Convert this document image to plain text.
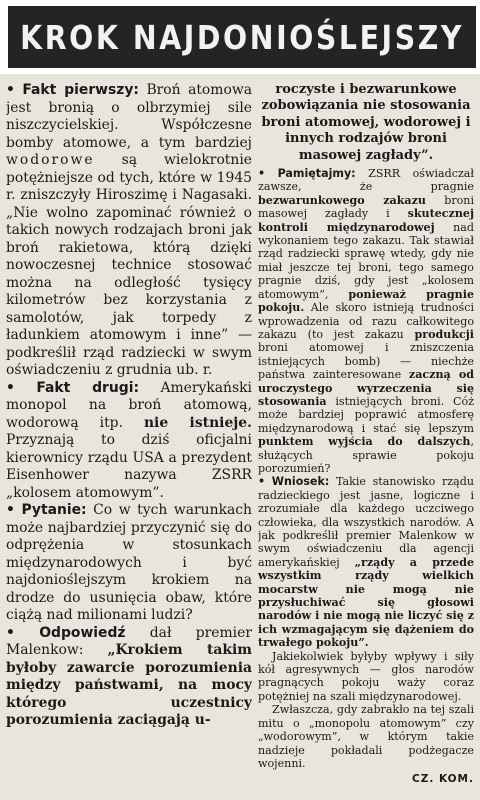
KROK NAJDONIOŚLEJSZY

• Fakt pierwszy: Broń atomowa jest bronią o olbrzymiej sile niszczycielskiej. Współczesne bomby atomowe, a tym bardziej wodorowe są wielokrotnie potężniejsze od tych, które w 1945 r. zniszczyły Hiroszimę i Nagasaki. „Nie wolno zapominać również o takich nowych rodzajach broni jak broń rakietowa, którą dzięki nowoczesnej technice stosować można na odległość tysięcy kilometrów bez korzystania z samolotów, jak torpedy z ładunkiem atomowym i inne” — podkreślił rząd radziecki w swym oświadczeniu z grudnia ub. r.

• Fakt drugi: Amerykański monopol na broń atomową, wodorową itp. nie istnieje. Przyznają to dziś oficjalni kierownicy rządu USA a prezydent Eisenhower nazywa ZSRR „kolosem atomowym”.

• Pytanie: Co w tych warunkach może najbardziej przyczynić się do odprężenia w stosunkach międzynarodowych i być najdonioślejszym krokiem na drodze do usunięcia obaw, które ciążą nad milionami ludzi?

• Odpowiedź dał premier Malenkow: „Krokiem takim byłoby zawarcie porozumienia między państwami, na mocy którego uczestnicy porozumienia zaciągają u-

roczyste i bezwarunkowe zobowiązania nie stosowania broni atomowej, wodorowej i innych rodzajów broni masowej zagłady”.

• Pamiętajmy: ZSRR oświadczał zawsze, że pragnie bezwarunkowego zakazu broni masowej zagłady i skutecznej kontroli międzynarodowej nad wykonaniem tego zakazu. Tak stawiał rząd radziecki sprawę wtedy, gdy nie miał jeszcze tej broni, tego samego pragnie dziś, gdy jest „kolosem atomowym”, ponieważ pragnie pokoju. Ale skoro istnieją trudności wprowadzenia od razu całkowitego zakazu (to jest zakazu produkcji broni atomowej i zniszczenia istniejących bomb) — niechże państwa zainteresowane zaczną od uroczystego wyrzeczenia się stosowania istniejących broni. Cóż może bardziej poprawić atmosferę międzynarodową i stać się lepszym punktem wyjścia do dalszych, służących sprawie pokoju porozumień?

• Wniosek: Takie stanowisko rządu radzieckiego jest jasne, logiczne i zrozumiałe dla każdego uczciwego człowieka, dla wszystkich narodów. A jak podkreślił premier Malenkow w swym oświadczeniu dla agencji amerykańskiej „rządy a przede wszystkim rządy wielkich mocarstw nie mogą nie przysłuchiwać się głosowi narodów i nie mogą nie liczyć się z ich wzmagającym się dążeniem do trwałego pokoju”.

Jakiekolwiek byłyby wpływy i siły kół agresywnych — głos narodów pragnących pokoju waży coraz potężniej na szali międzynarodowej.

Zwłaszcza, gdy zabrakło na tej szali mitu o „monopolu atomowym” czy „wodorowym”, w którym takie nadzieje pokładali podżegacze wojenni.

CZ. KOM.
